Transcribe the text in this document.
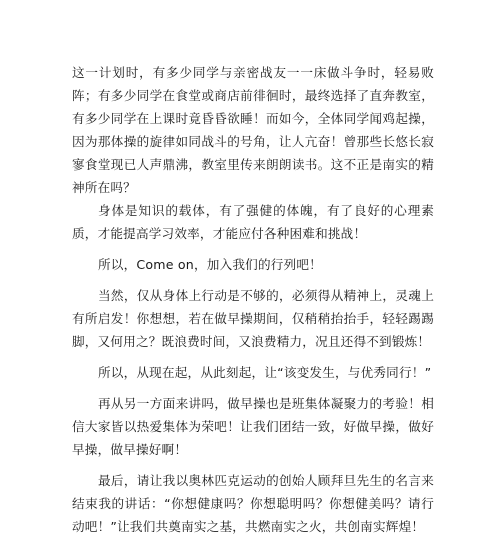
这一计划时，有多少同学与亲密战友一一床做斗争时，轻易败阵；有多少同学在食堂或商店前徘徊时，最终选择了直奔教室，有多少同学在上课时竟昏昏欲睡！而如今，全体同学闻鸡起操，因为那体操的旋律如同战斗的号角，让人亢奋！曾那些长悠长寂寥食堂现已人声鼎沸，教室里传来朗朗读书。这不正是南实的精神所在吗？

身体是知识的载体，有了强健的体魄，有了良好的心理素质，才能提高学习效率，才能应付各种困难和挑战！

所以，Come on，加入我们的行列吧！

当然，仅从身体上行动是不够的，必须得从精神上，灵魂上有所启发！你想想，若在做早操期间，仅稍稍抬抬手，轻轻踢踢脚，又何用之？既浪费时间，又浪费精力，况且还得不到锻炼！

所以，从现在起，从此刻起，让“该变发生，与优秀同行！”

再从另一方面来讲吗，做早操也是班集体凝聚力的考验！相信大家皆以热爱集体为荣吧！让我们团结一致，好做早操，做好早操，做早操好啊！

最后，请让我以奥林匹克运动的创始人顾拜旦先生的名言来结束我的讲话：“你想健康吗？你想聪明吗？你想健美吗？请行动吧！”让我们共奠南实之基，共燃南实之火，共创南实辉煌！
